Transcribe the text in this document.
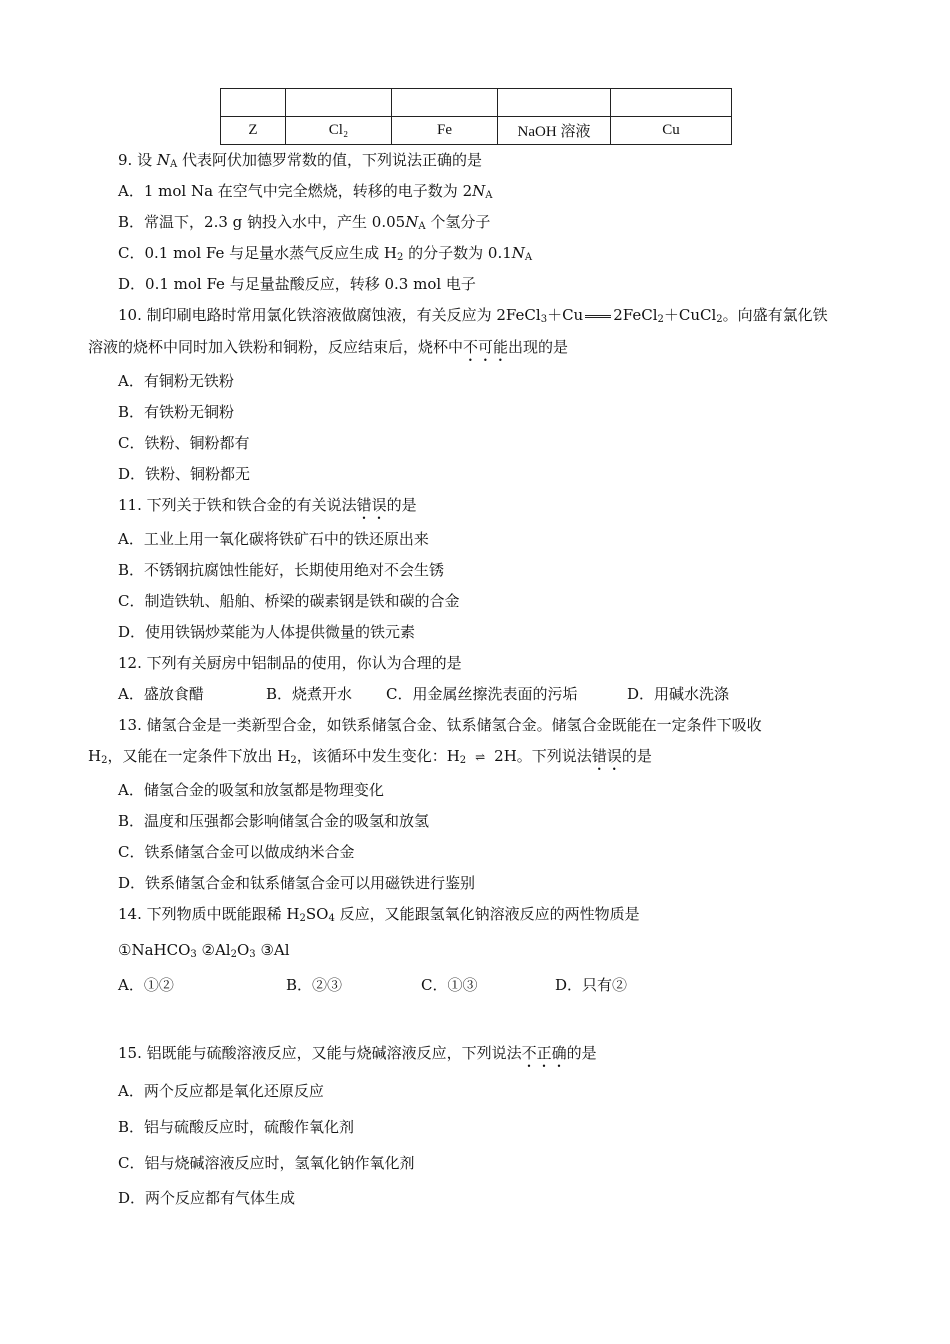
Z	Cl₂	Fe	NaOH 溶液	Cu
9. 设 $N_A$ 代表阿伏加德罗常数的值，下列说法正确的是
A．1 mol Na 在空气中完全燃烧，转移的电子数为 $2N_A$
B．常温下，2.3 g 钠投入水中，产生 $0.05N_A$ 个氢分子
C．0.1 mol Fe 与足量水蒸气反应生成 $H_2$ 的分子数为 $0.1N_A$
D．0.1 mol Fe 与足量盐酸反应，转移 0.3 mol 电子
10. 制印刷电路时常用氯化铁溶液做腐蚀液，有关反应为 2FeCl$_3$＋Cu 2FeCl$_2$＋CuCl$_2$。向盛有氯化铁
溶液的烧杯中同时加入铁粉和铜粉，反应结束后，烧杯中不可能出现的是
A．有铜粉无铁粉
B．有铁粉无铜粉
C．铁粉、铜粉都有
D．铁粉、铜粉都无
11. 下列关于铁和铁合金的有关说法错误的是
A．工业上用一氧化碳将铁矿石中的铁还原出来
B．不锈钢抗腐蚀性能好，长期使用绝对不会生锈
C．制造铁轨、船舶、桥梁的碳素钢是铁和碳的合金
D．使用铁锅炒菜能为人体提供微量的铁元素
12. 下列有关厨房中铝制品的使用，你认为合理的是
A．盛放食醋	B．烧煮开水 C．用金属丝擦洗表面的污垢	D．用碱水洗涤
13. 储氢合金是一类新型合金，如铁系储氢合金、钛系储氢合金。储氢合金既能在一定条件下吸收
$H_2$，又能在一定条件下放出 $H_2$，该循环中发生变化：$H_2$ ⇌ 2H。下列说法错误的是
A．储氢合金的吸氢和放氢都是物理变化
B．温度和压强都会影响储氢合金的吸氢和放氢
C．铁系储氢合金可以做成纳米合金
D．铁系储氢合金和钛系储氢合金可以用磁铁进行鉴别
14. 下列物质中既能跟稀 $H_2SO_4$ 反应，又能跟氢氧化钠溶液反应的两性物质是
①NaHCO$_3$ $②Al_2O_3$ ③Al
A．①②	B．②③	C．①③	D．只有②
15. 铝既能与硫酸溶液反应，又能与烧碱溶液反应，下列说法不正确的是
A．两个反应都是氧化还原反应
B．铝与硫酸反应时，硫酸作氧化剂
C．铝与烧碱溶液反应时，氢氧化钠作氧化剂
D．两个反应都有气体生成
